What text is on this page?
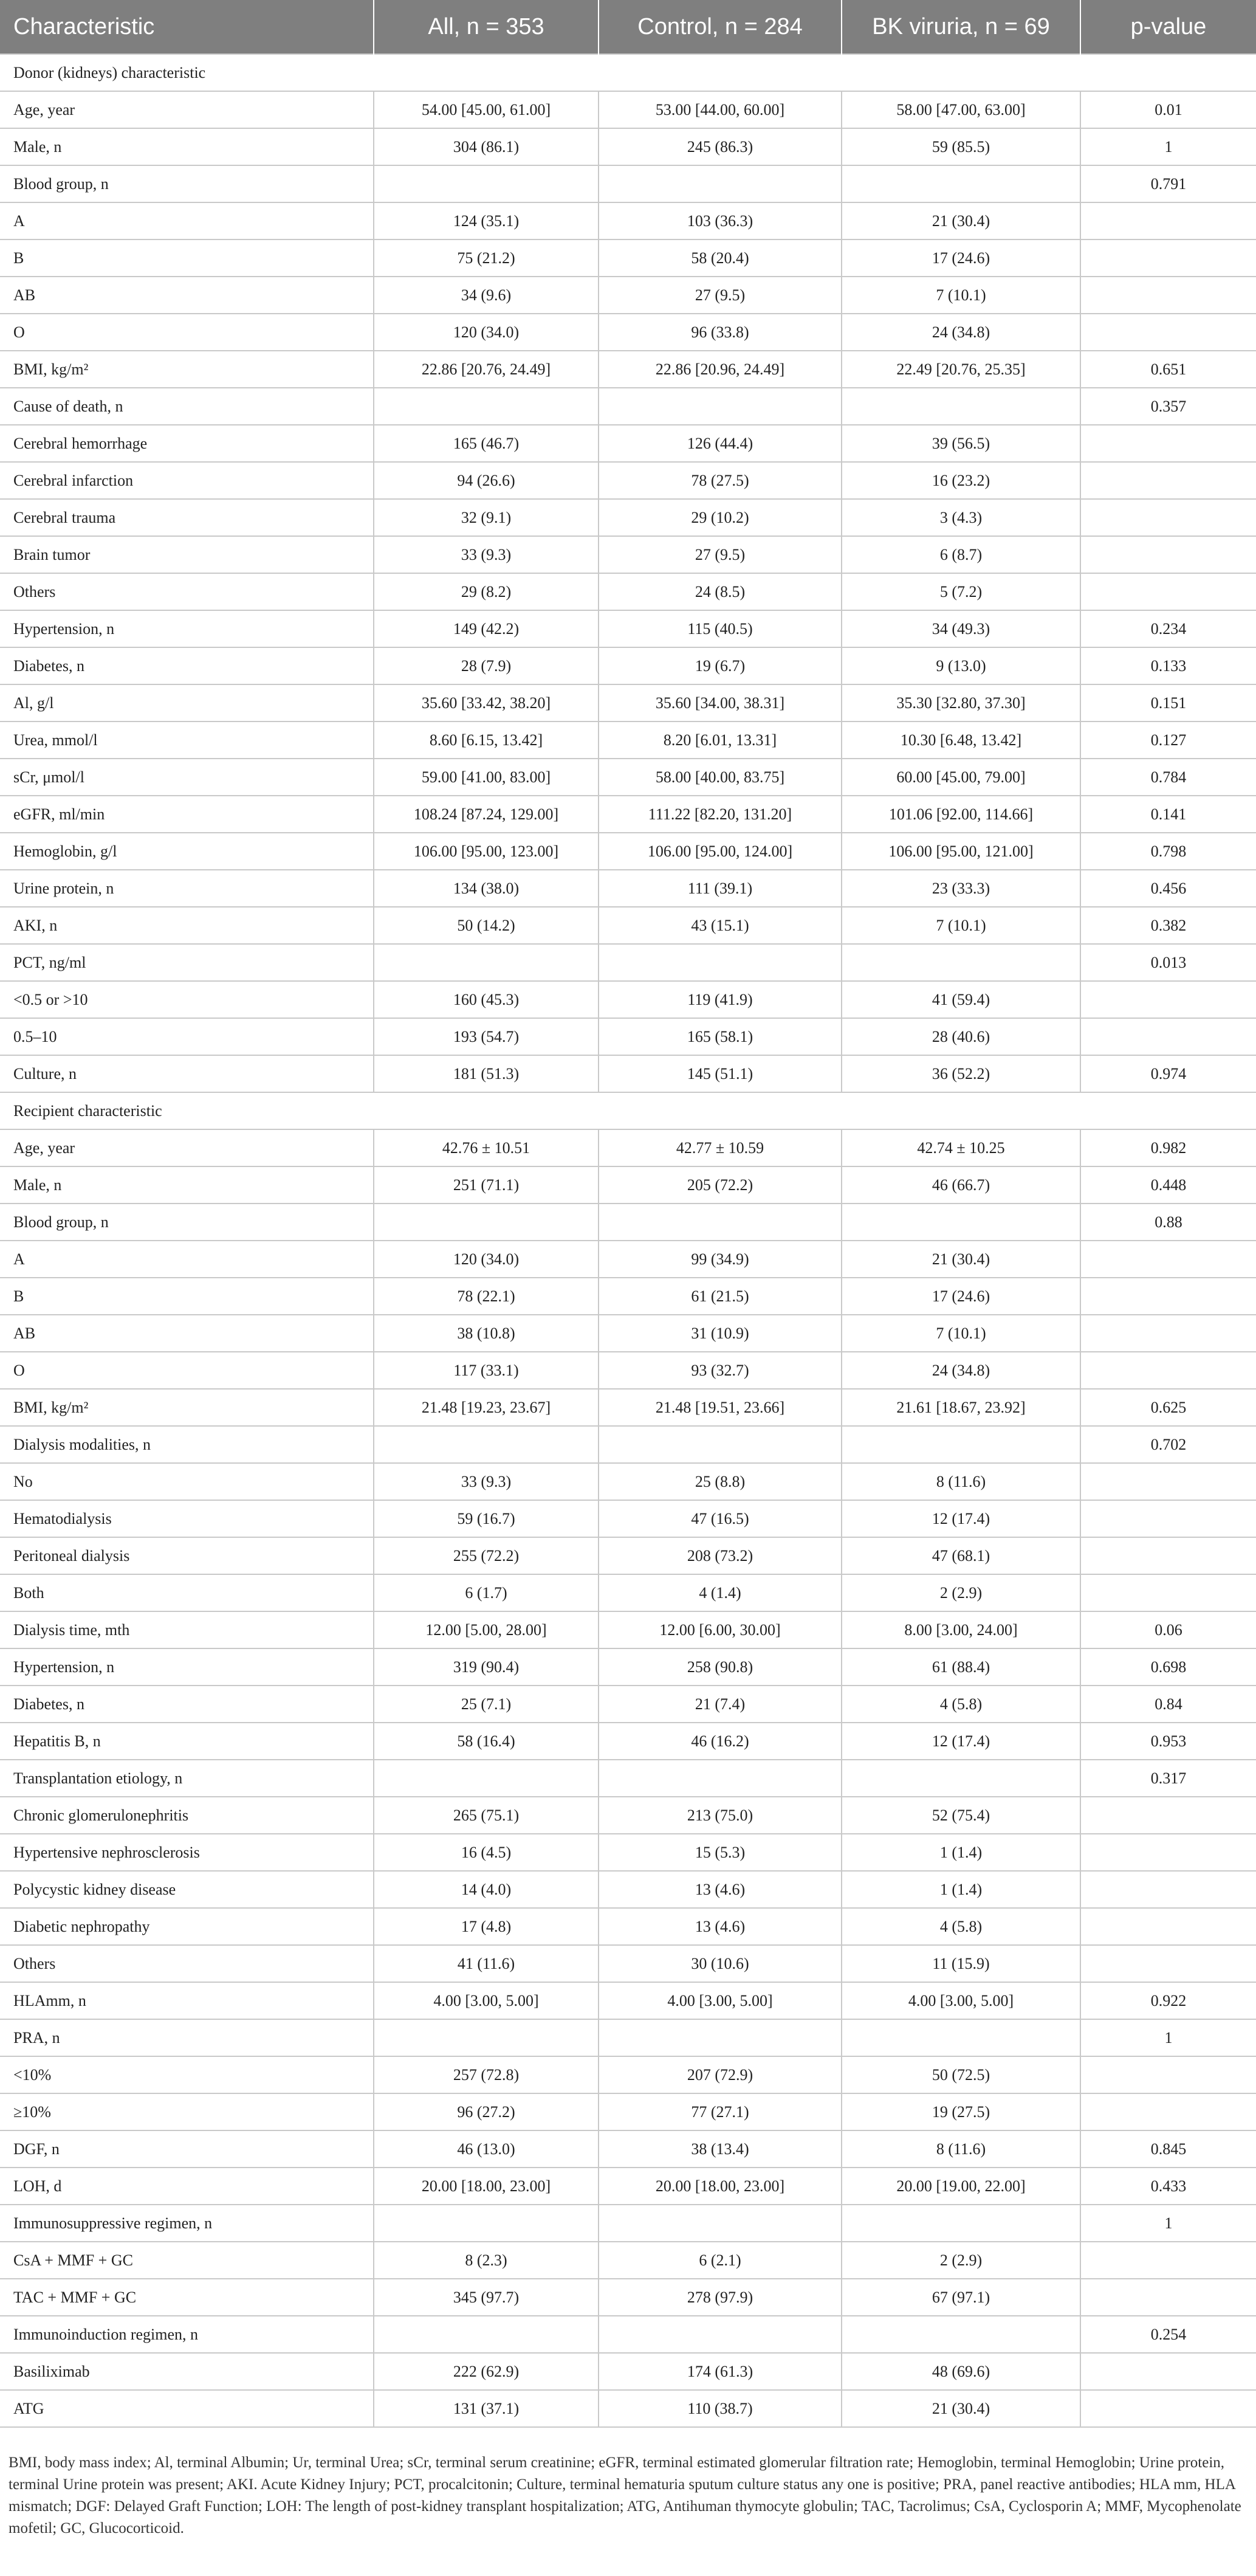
Characteristic	All, n = 353	Control, n = 284	BK viruria, n = 69	p-value
Donor (kidneys) characteristic				
Age, year	54.00 [45.00, 61.00]	53.00 [44.00, 60.00]	58.00 [47.00, 63.00]	0.01
Male, n	304 (86.1)	245 (86.3)	59 (85.5)	1
Blood group, n				0.791
A	124 (35.1)	103 (36.3)	21 (30.4)	
B	75 (21.2)	58 (20.4)	17 (24.6)	
AB	34 (9.6)	27 (9.5)	7 (10.1)	
O	120 (34.0)	96 (33.8)	24 (34.8)	
BMI, kg/m²	22.86 [20.76, 24.49]	22.86 [20.96, 24.49]	22.49 [20.76, 25.35]	0.651
Cause of death, n				0.357
Cerebral hemorrhage	165 (46.7)	126 (44.4)	39 (56.5)	
Cerebral infarction	94 (26.6)	78 (27.5)	16 (23.2)	
Cerebral trauma	32 (9.1)	29 (10.2)	3 (4.3)	
Brain tumor	33 (9.3)	27 (9.5)	6 (8.7)	
Others	29 (8.2)	24 (8.5)	5 (7.2)	
Hypertension, n	149 (42.2)	115 (40.5)	34 (49.3)	0.234
Diabetes, n	28 (7.9)	19 (6.7)	9 (13.0)	0.133
Al, g/l	35.60 [33.42, 38.20]	35.60 [34.00, 38.31]	35.30 [32.80, 37.30]	0.151
Urea, mmol/l	8.60 [6.15, 13.42]	8.20 [6.01, 13.31]	10.30 [6.48, 13.42]	0.127
sCr, μmol/l	59.00 [41.00, 83.00]	58.00 [40.00, 83.75]	60.00 [45.00, 79.00]	0.784
eGFR, ml/min	108.24 [87.24, 129.00]	111.22 [82.20, 131.20]	101.06 [92.00, 114.66]	0.141
Hemoglobin, g/l	106.00 [95.00, 123.00]	106.00 [95.00, 124.00]	106.00 [95.00, 121.00]	0.798
Urine protein, n	134 (38.0)	111 (39.1)	23 (33.3)	0.456
AKI, n	50 (14.2)	43 (15.1)	7 (10.1)	0.382
PCT, ng/ml				0.013
<0.5 or >10	160 (45.3)	119 (41.9)	41 (59.4)	
0.5–10	193 (54.7)	165 (58.1)	28 (40.6)	
Culture, n	181 (51.3)	145 (51.1)	36 (52.2)	0.974
Recipient characteristic				
Age, year	42.76 ± 10.51	42.77 ± 10.59	42.74 ± 10.25	0.982
Male, n	251 (71.1)	205 (72.2)	46 (66.7)	0.448
Blood group, n				0.88
A	120 (34.0)	99 (34.9)	21 (30.4)	
B	78 (22.1)	61 (21.5)	17 (24.6)	
AB	38 (10.8)	31 (10.9)	7 (10.1)	
O	117 (33.1)	93 (32.7)	24 (34.8)	
BMI, kg/m²	21.48 [19.23, 23.67]	21.48 [19.51, 23.66]	21.61 [18.67, 23.92]	0.625
Dialysis modalities, n				0.702
No	33 (9.3)	25 (8.8)	8 (11.6)	
Hematodialysis	59 (16.7)	47 (16.5)	12 (17.4)	
Peritoneal dialysis	255 (72.2)	208 (73.2)	47 (68.1)	
Both	6 (1.7)	4 (1.4)	2 (2.9)	
Dialysis time, mth	12.00 [5.00, 28.00]	12.00 [6.00, 30.00]	8.00 [3.00, 24.00]	0.06
Hypertension, n	319 (90.4)	258 (90.8)	61 (88.4)	0.698
Diabetes, n	25 (7.1)	21 (7.4)	4 (5.8)	0.84
Hepatitis B, n	58 (16.4)	46 (16.2)	12 (17.4)	0.953
Transplantation etiology, n				0.317
Chronic glomerulonephritis	265 (75.1)	213 (75.0)	52 (75.4)	
Hypertensive nephrosclerosis	16 (4.5)	15 (5.3)	1 (1.4)	
Polycystic kidney disease	14 (4.0)	13 (4.6)	1 (1.4)	
Diabetic nephropathy	17 (4.8)	13 (4.6)	4 (5.8)	
Others	41 (11.6)	30 (10.6)	11 (15.9)	
HLAmm, n	4.00 [3.00, 5.00]	4.00 [3.00, 5.00]	4.00 [3.00, 5.00]	0.922
PRA, n				1
<10%	257 (72.8)	207 (72.9)	50 (72.5)	
≥10%	96 (27.2)	77 (27.1)	19 (27.5)	
DGF, n	46 (13.0)	38 (13.4)	8 (11.6)	0.845
LOH, d	20.00 [18.00, 23.00]	20.00 [18.00, 23.00]	20.00 [19.00, 22.00]	0.433
Immunosuppressive regimen, n				1
CsA + MMF + GC	8 (2.3)	6 (2.1)	2 (2.9)	
TAC + MMF + GC	345 (97.7)	278 (97.9)	67 (97.1)	
Immunoinduction regimen, n				0.254
Basiliximab	222 (62.9)	174 (61.3)	48 (69.6)	
ATG	131 (37.1)	110 (38.7)	21 (30.4)	

BMI, body mass index; Al, terminal Albumin; Ur, terminal Urea; sCr, terminal serum creatinine; eGFR, terminal estimated glomerular filtration rate; Hemoglobin, terminal Hemoglobin; Urine protein, terminal Urine protein was present; AKI. Acute Kidney Injury; PCT, procalcitonin; Culture, terminal hematuria sputum culture status any one is positive; PRA, panel reactive antibodies; HLA mm, HLA mismatch; DGF: Delayed Graft Function; LOH: The length of post-kidney transplant hospitalization; ATG, Antihuman thymocyte globulin; TAC, Tacrolimus; CsA, Cyclosporin A; MMF, Mycophenolate mofetil; GC, Glucocorticoid.
